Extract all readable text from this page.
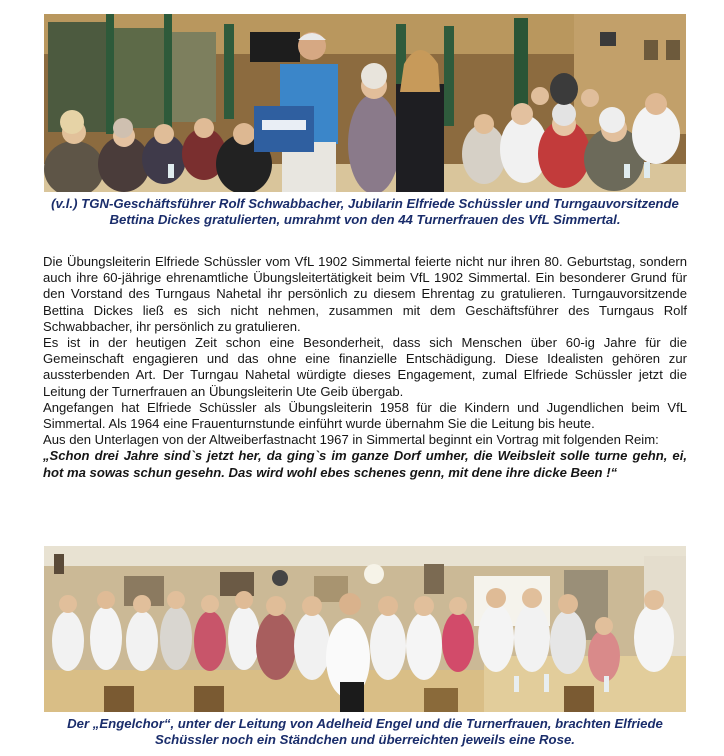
(v.l.) TGN-Geschäftsführer Rolf Schwabbacher, Jubilarin Elfriede Schüssler und Turngauvorsitzende Bettina Dickes gratulierten, umrahmt von den 44 Turnerfrauen des VfL Simmertal.

Die Übungsleiterin Elfriede Schüssler vom VfL 1902 Simmertal feierte nicht nur ihren 80. Geburtstag, sondern auch ihre 60-jährige ehrenamtliche Übungsleitertätigkeit beim VfL 1902 Simmertal. Ein besonderer Grund für den Vorstand des Turngaus Nahetal ihr persönlich zu diesem Ehrentag zu gratulieren. Turngauvorsitzende Bettina Dickes ließ es sich nicht nehmen, zusammen mit dem Geschäftsführer des Turngaus Rolf Schwabbacher, ihr persönlich zu gratulieren.

Es ist in der heutigen Zeit schon eine Besonderheit, dass sich Menschen über 60-ig Jahre für die Gemeinschaft engagieren und das ohne eine finanzielle Entschädigung. Diese Idealisten gehören zur aussterbenden Art. Der Turngau Nahetal würdigte dieses Engagement, zumal Elfriede Schüssler jetzt die Leitung der Turnerfrauen an Übungsleiterin Ute Geib übergab.

Angefangen hat Elfriede Schüssler als Übungsleiterin 1958 für die Kindern und Jugendlichen beim VfL Simmertal. Als 1964 eine Frauenturnstunde einführt wurde übernahm Sie die Leitung bis heute.

Aus den Unterlagen von der Altweiberfastnacht 1967 in Simmertal beginnt ein Vortrag mit folgenden Reim:

„Schon drei Jahre sind`s jetzt her, da ging`s im ganze Dorf umher, die Weibsleit solle turne gehn, ei, hot ma sowas schun gesehn. Das wird wohl ebes schenes genn, mit dene ihre dicke Been !“

Der „Engelchor“, unter der Leitung von Adelheid Engel und die Turnerfrauen, brachten Elfriede Schüssler noch ein Ständchen und überreichten jeweils eine Rose.
